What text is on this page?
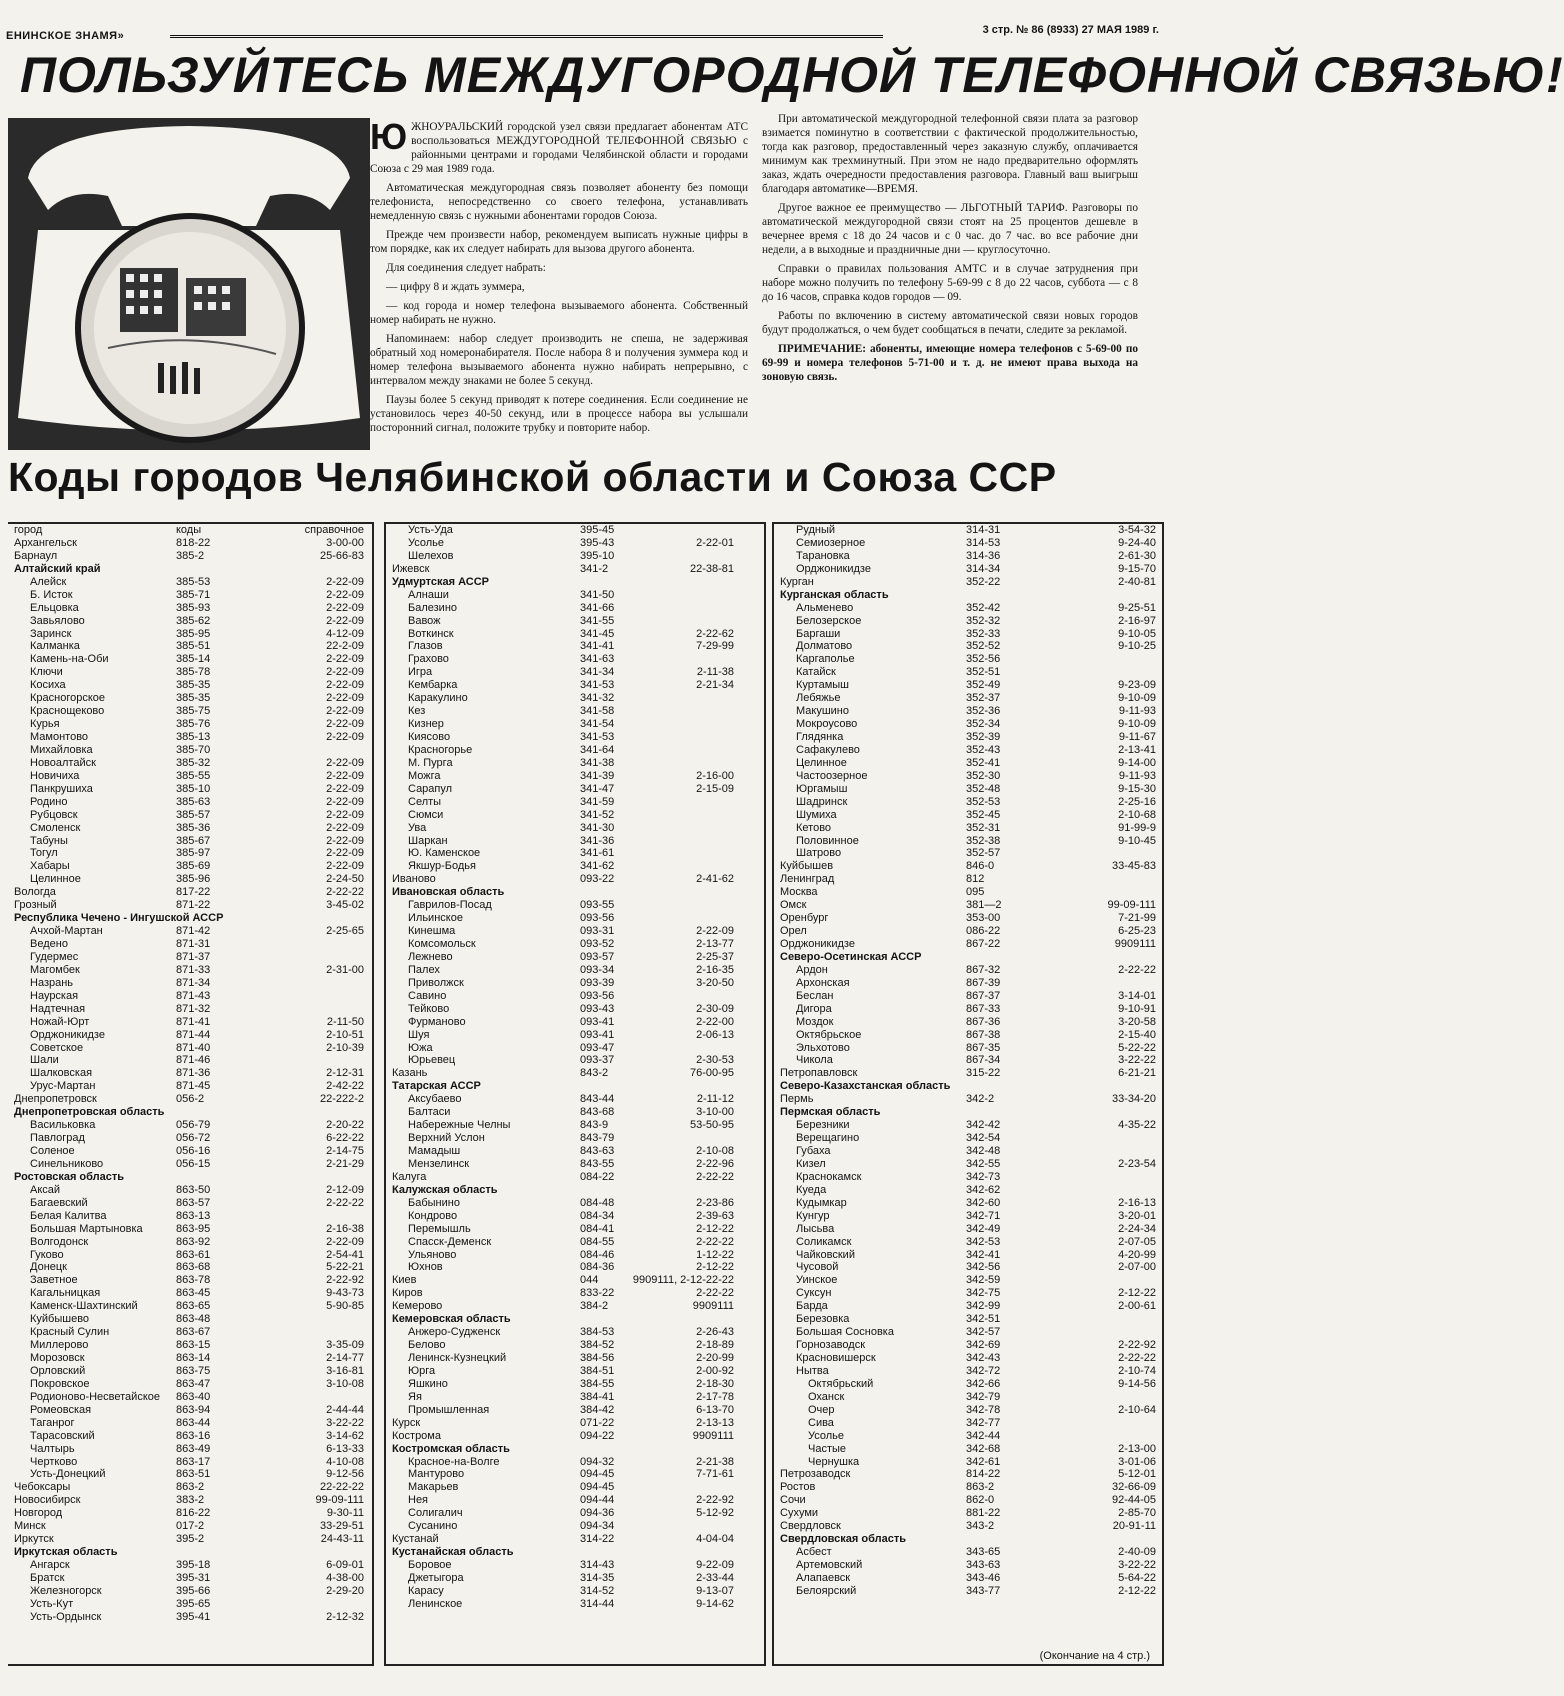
ЕНИНСКОЕ ЗНАМЯ»	3 стр. № 86 (8933) 27 МАЯ 1989 г.
ПОЛЬЗУЙТЕСЬ МЕЖДУГОРОДНОЙ ТЕЛЕФОННОЙ СВЯЗЬЮ!

ЮЖНОУРАЛЬСКИЙ городской узел связи предлагает абонентам АТС воспользоваться МЕЖДУГОРОДНОЙ ТЕЛЕФОННОЙ СВЯЗЬЮ с районными центрами и городами Челябинской области и городами Союза с 29 мая 1989 года.

Автоматическая междугородная связь позволяет абоненту без помощи телефониста, непосредственно со своего телефона, устанавливать немедленную связь с нужными абонентами городов Союза.

Прежде чем произвести набор, рекомендуем выписать нужные цифры в том порядке, как их следует набирать для вызова другого абонента.

Для соединения следует набрать:

— цифру 8 и ждать зуммера,

— код города и номер телефона вызываемого абонента. Собственный номер набирать не нужно.

Напоминаем: набор следует производить не спеша, не задерживая обратный ход номеронабирателя. После набора 8 и получения зуммера код и номер телефона вызываемого абонента нужно набирать непрерывно, с интервалом между знаками не более 5 секунд.

Паузы более 5 секунд приводят к потере соединения. Если соединение не установилось через 40-50 секунд, или в процессе набора вы услышали посторонний сигнал, положите трубку и повторите набор.

При автоматической междугородной телефонной связи плата за разговор взимается поминутно в соответствии с фактической продолжительностью, тогда как разговор, предоставленный через заказную службу, оплачивается минимум как трехминутный. При этом не надо предварительно оформлять заказ, ждать очередности предоставления разговора. Главный ваш выигрыш благодаря автоматике—ВРЕМЯ.

Другое важное ее преимущество — ЛЬГОТНЫЙ ТАРИФ. Разговоры по автоматической междугородной связи стоят на 25 процентов дешевле в вечернее время с 18 до 24 часов и с 0 час. до 7 час. во все рабочие дни недели, а в выходные и праздничные дни — круглосуточно.

Справки о правилах пользования АМТС и в случае затруднения при наборе можно получить по телефону 5-69-99 с 8 до 22 часов, суббота — с 8 до 16 часов, справка кодов городов — 09.

Работы по включению в систему автоматической связи новых городов будут продолжаться, о чем будет сообщаться в печати, следите за рекламой.

ПРИМЕЧАНИЕ: абоненты, имеющие номера телефонов с 5-69-00 по 69-99 и номера телефонов 5-71-00 и т. д. не имеют права выхода на зоновую связь.

Коды городов Челябинской области и Союза ССР
город	коды	справочное
Архангельск	818-22	3-00-00
Барнаул	385-2	25-66-83
Алтайский край
Алейск	385-53	2-22-09
Б. Исток	385-71	2-22-09
Ельцовка	385-93	2-22-09
Завьялово	385-62	2-22-09
Заринск	385-95	4-12-09
Калманка	385-51	22-2-09
Камень-на-Оби	385-14	2-22-09
Ключи	385-78	2-22-09
Косиха	385-35	2-22-09
Красногорское	385-35	2-22-09
Краснощеково	385-75	2-22-09
Курья	385-76	2-22-09
Мамонтово	385-13	2-22-09
Михайловка	385-70
Новоалтайск	385-32	2-22-09
Новичиха	385-55	2-22-09
Панкрушиха	385-10	2-22-09
Родино	385-63	2-22-09
Рубцовск	385-57	2-22-09
Смоленск	385-36	2-22-09
Табуны	385-67	2-22-09
Тогул	385-97	2-22-09
Хабары	385-69	2-22-09
Целинное	385-96	2-24-50
Вологда	817-22	2-22-22
Грозный	871-22	3-45-02
Республика Чечено - Ингушской АССР
Ачхой-Мартан	871-42	2-25-65
Ведено	871-31
Гудермес	871-37
Магомбек	871-33	2-31-00
Назрань	871-34
Наурская	871-43
Надтечная	871-32
Ножай-Юрт	871-41	2-11-50
Орджоникидзе	871-44	2-10-51
Советское	871-40	2-10-39
Шали	871-46
Шалковская	871-36	2-12-31
Урус-Мартан	871-45	2-42-22
Днепропетровск	056-2	22-222-2
Днепропетровская область
Васильковка	056-79	2-20-22
Павлоград	056-72	6-22-22
Соленое	056-16	2-14-75
Синельниково	056-15	2-21-29
Ростовская область
Аксай	863-50	2-12-09
Багаевский	863-57	2-22-22
Белая Калитва	863-13
Большая Мартыновка	863-95	2-16-38
Волгодонск	863-92	2-22-09
Гуково	863-61	2-54-41
Донецк	863-68	5-22-21
Заветное	863-78	2-22-92
Кагальницкая	863-45	9-43-73
Каменск-Шахтинский	863-65	5-90-85
Куйбышево	863-48
Красный Сулин	863-67
Миллерово	863-15	3-35-09
Морозовск	863-14	2-14-77
Орловский	863-75	3-16-81
Покровское	863-47	3-10-08
Родионово-Несветайское 863-40
Ромеовская	863-94	2-44-44
Таганрог	863-44	3-22-22
Тарасовский	863-16	3-14-62
Чалтырь	863-49	6-13-33
Чертково	863-17	4-10-08
Усть-Донецкий	863-51	9-12-56
Чебоксары	863-2	22-22-22
Новосибирск	383-2	99-09-111
Новгород	816-22	9-30-11
Минск	017-2	33-29-51
Иркутск	395-2	24-43-11
Иркутская область
Ангарск	395-18	6-09-01
Братск	395-31	4-38-00
Железногорск	395-66	2-29-20
Усть-Кут	395-65
Усть-Ордынск	395-41	2-12-32
Усть-Уда	395-45
Усолье	395-43	2-22-01
Шелехов	395-10
Ижевск	341-2	22-38-81
Удмуртская АССР
Алнаши	341-50
Балезино	341-66
Вавож	341-55
Воткинск	341-45	2-22-62
Глазов	341-41	7-29-99
Грахово	341-63
Игра	341-34	2-11-38
Кембарка	341-53	2-21-34
Каракулино	341-32
Кез	341-58
Кизнер	341-54
Киясово	341-53
Красногорье	341-64
М. Пурга	341-38
Можга	341-39	2-16-00
Сарапул	341-47	2-15-09
Селты	341-59
Сюмси	341-52
Ува	341-30
Шаркан	341-36
Ю. Каменское	341-61
Якшур-Бодья	341-62
Иваново	093-22	2-41-62
Ивановская область
Гаврилов-Посад	093-55
Ильинское	093-56
Кинешма	093-31	2-22-09
Комсомольск	093-52	2-13-77
Лежнево	093-57	2-25-37
Палех	093-34	2-16-35
Приволжск	093-39	3-20-50
Савино	093-56
Тейково	093-43	2-30-09
Фурманово	093-41	2-22-00
Шуя	093-41	2-06-13
Южа	093-47
Юрьевец	093-37	2-30-53
Казань	843-2	76-00-95
Татарская АССР
Аксубаево	843-44	2-11-12
Балтаси	843-68	3-10-00
Набережные Челны	843-9	53-50-95
Верхний Услон	843-79
Мамадыш	843-63	2-10-08
Мензелинск	843-55	2-22-96
Калуга	084-22	2-22-22
Калужская область
Бабынино	084-48	2-23-86
Кондрово	084-34	2-39-63
Перемышль	084-41	2-12-22
Спасск-Деменск	084-55	2-22-22
Ульяново	084-46	1-12-22
Юхнов	084-36	2-12-22
Киев	044	9909111, 2-12-22-22
Киров	833-22	2-22-22
Кемерово	384-2	9909111
Кемеровская область
Анжеро-Судженск	384-53	2-26-43
Белово	384-52	2-18-89
Ленинск-Кузнецкий	384-56	2-20-99
Юрга	384-51	2-00-92
Яшкино	384-55	2-18-30
Яя	384-41	2-17-78
Промышленная	384-42	6-13-70
Курск	071-22	2-13-13
Кострома	094-22	9909111
Костромская область
Красное-на-Волге	094-32	2-21-38
Мантурово	094-45	7-71-61
Макарьев	094-45
Нея	094-44	2-22-92
Солигалич	094-36	5-12-92
Сусанино	094-34
Кустанай	314-22	4-04-04
Кустанайская область
Боровое	314-43	9-22-09
Джетыгора	314-35	2-33-44
Карасу	314-52	9-13-07
Ленинское	314-44	9-14-62
Рудный	314-31	3-54-32
Семиозерное	314-53	9-24-40
Тарановка	314-36	2-61-30
Орджоникидзе	314-34	9-15-70
Курган	352-22	2-40-81
Курганская область
Альменево	352-42	9-25-51
Белозерское	352-32	2-16-97
Баргаши	352-33	9-10-05
Долматово	352-52	9-10-25
Каргаполье	352-56
Катайск	352-51
Куртамыш	352-49	9-23-09
Лебяжье	352-37	9-10-09
Макушино	352-36	9-11-93
Мокроусово	352-34	9-10-09
Глядянка	352-39	9-11-67
Сафакулево	352-43	2-13-41
Целинное	352-41	9-14-00
Частоозерное	352-30	9-11-93
Юргамыш	352-48	9-15-30
Шадринск	352-53	2-25-16
Шумиха	352-45	2-10-68
Кетово	352-31	91-99-9
Половинное	352-38	9-10-45
Шатрово	352-57
Куйбышев	846-0	33-45-83
Ленинград	812
Москва	095
Омск	381—2	99-09-111
Оренбург	353-00	7-21-99
Орел	086-22	6-25-23
Орджоникидзе	867-22	9909111
Северо-Осетинская АССР
Ардон	867-32	2-22-22
Архонская	867-39
Беслан	867-37	3-14-01
Дигора	867-33	9-10-91
Моздок	867-36	3-20-58
Октябрьское	867-38	2-15-40
Эльхотово	867-35	5-22-22
Чикола	867-34	3-22-22
Петропавловск	315-22	6-21-21
Северо-Казахстанская область
Пермь	342-2	33-34-20
Пермская область
Березники	342-42	4-35-22
Верещагино	342-54
Губаха	342-48
Кизел	342-55	2-23-54
Краснокамск	342-73
Куеда	342-62
Кудымкар	342-60	2-16-13
Кунгур	342-71	3-20-01
Лысьва	342-49	2-24-34
Соликамск	342-53	2-07-05
Чайковский	342-41	4-20-99
Чусовой	342-56	2-07-00
Уинское	342-59
Суксун	342-75	2-12-22
Барда	342-99	2-00-61
Березовка	342-51
Большая Сосновка	342-57
Горнозаводск	342-69	2-22-92
Красновишерск	342-43	2-22-22
Нытва	342-72	2-10-74
Октябрьский	342-66	9-14-56
Оханск	342-79
Очер	342-78	2-10-64
Сива	342-77
Усолье	342-44
Частые	342-68	2-13-00
Чернушка	342-61	3-01-06
Петрозаводск	814-22	5-12-01
Ростов	863-2	32-66-09
Сочи	862-0	92-44-05
Сухуми	881-22	2-85-70
Свердловск	343-2	20-91-11
Свердловская область
Асбест	343-65	2-40-09
Артемовский	343-63	3-22-22
Алапаевск	343-46	5-64-22
Белоярский	343-77	2-12-22
(Окончание на 4 стр.)
